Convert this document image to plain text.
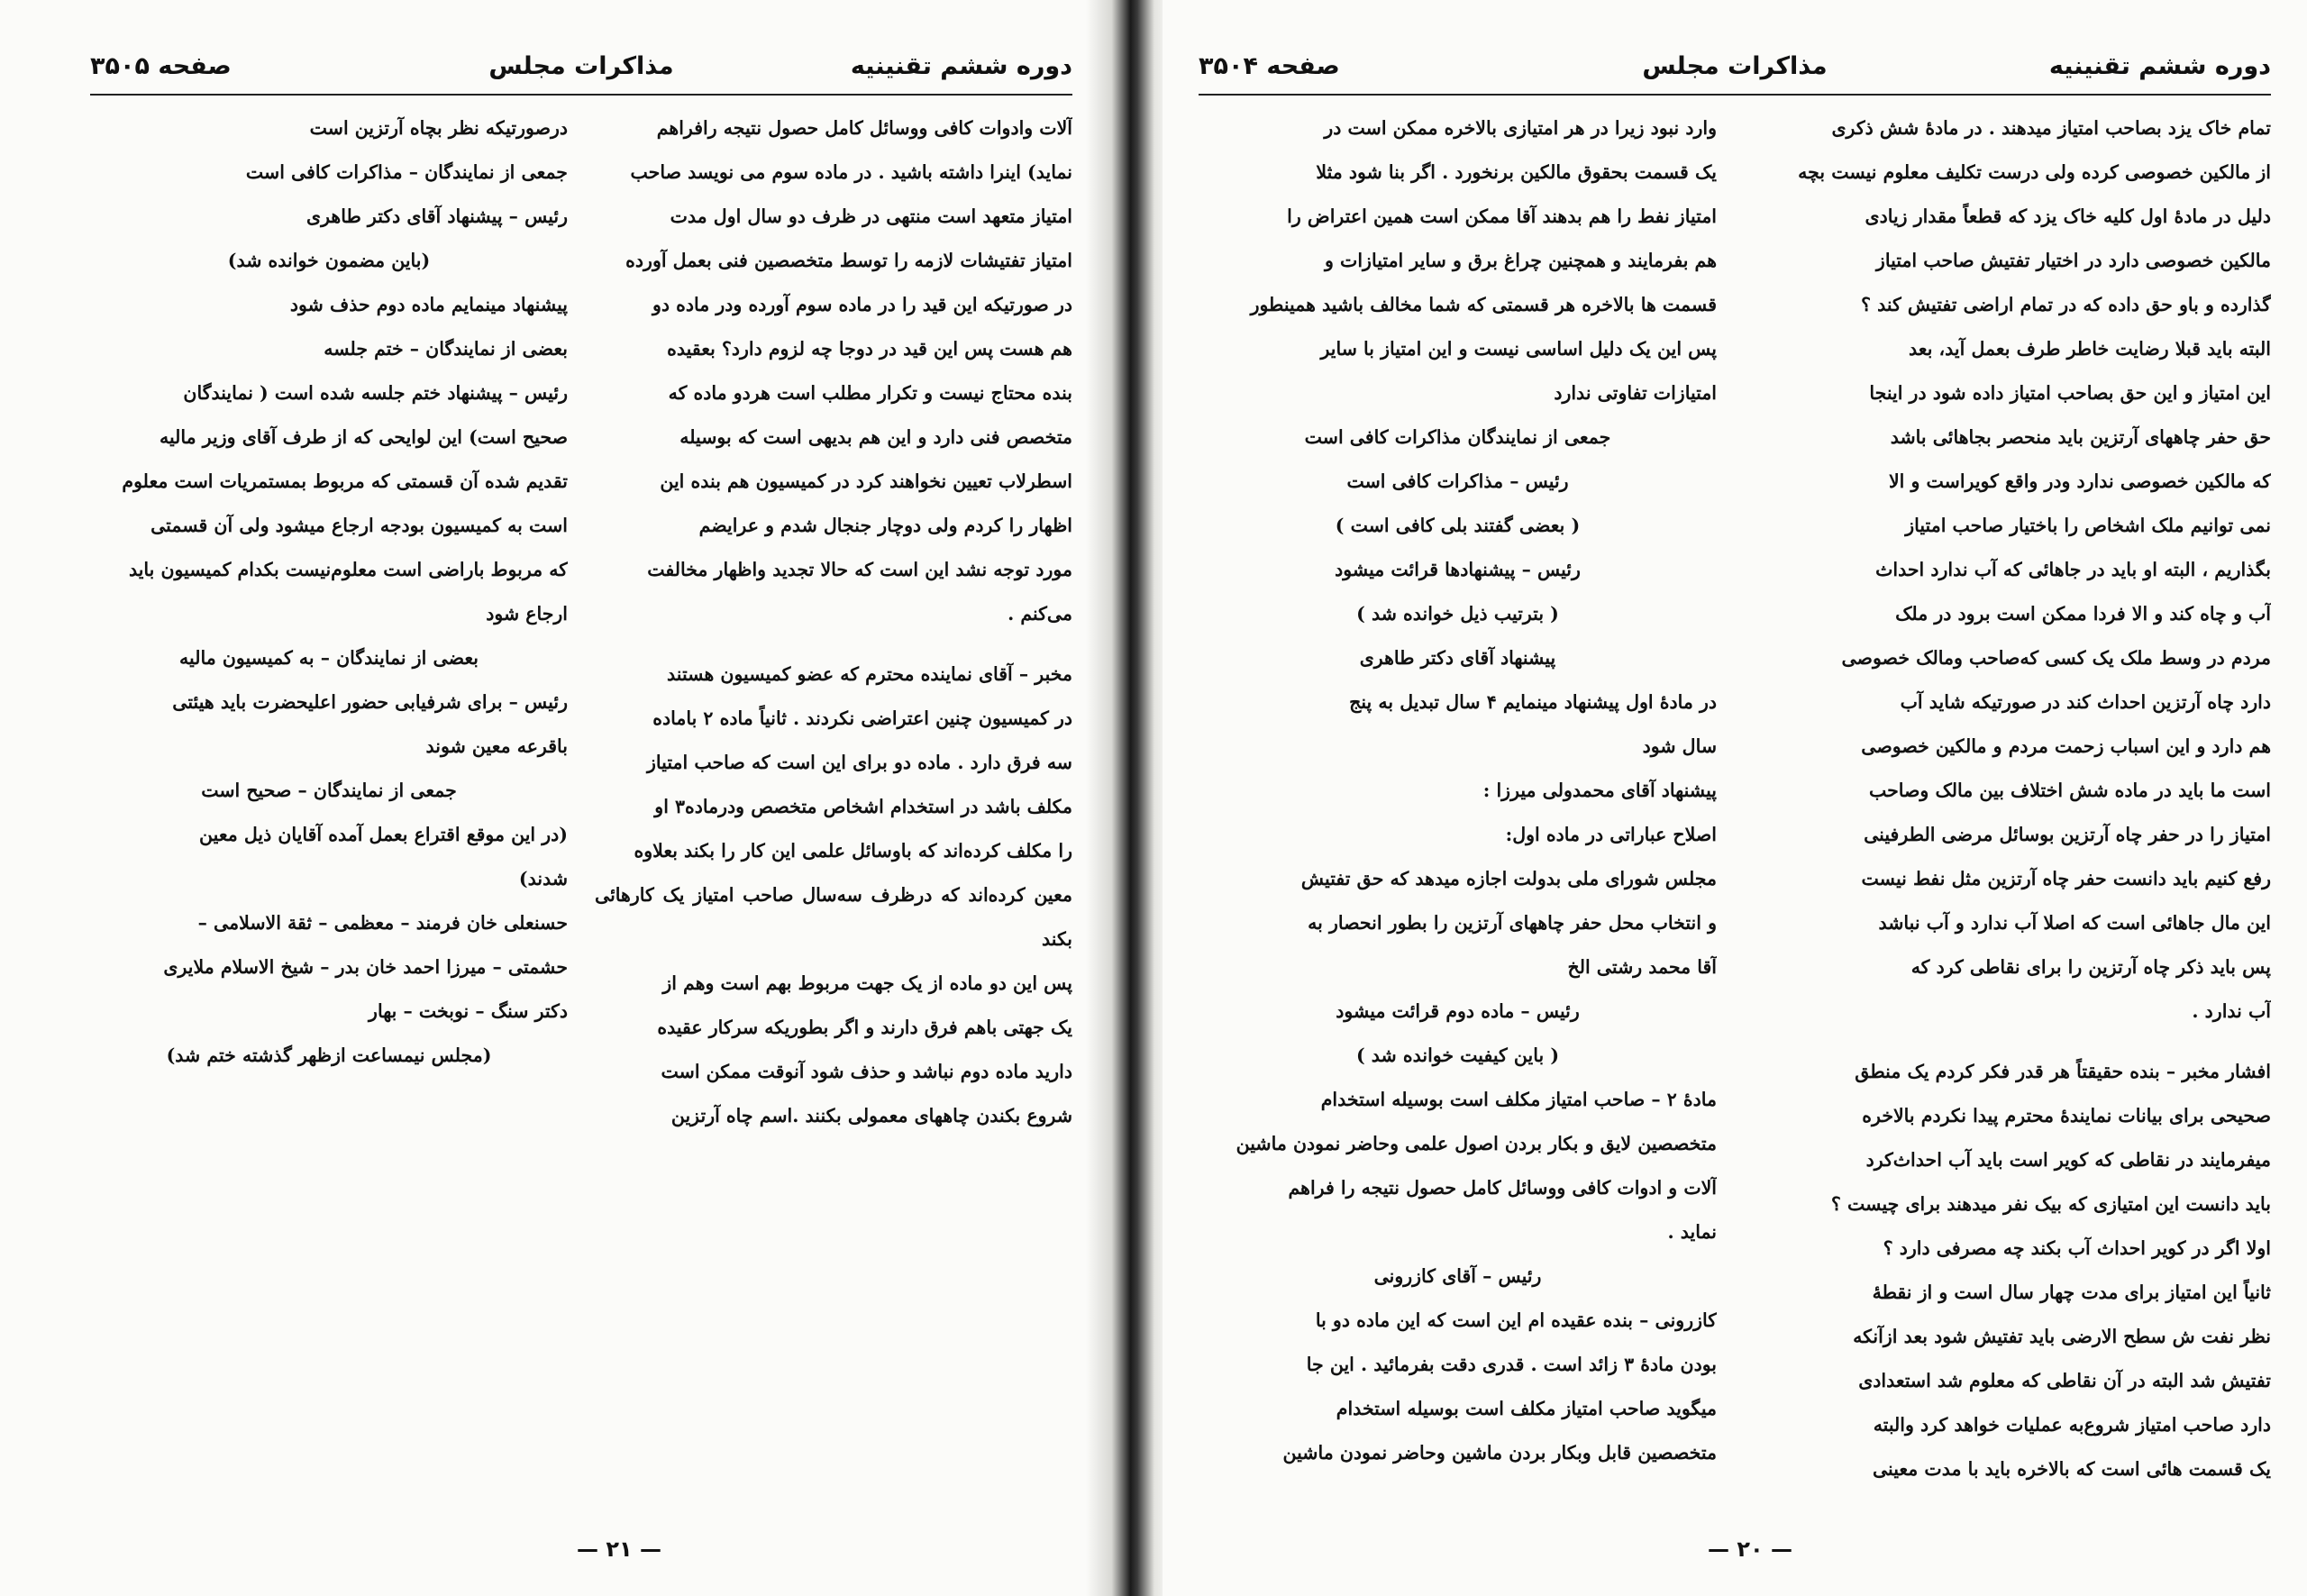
دوره ششم تقنینیه
مذاکرات مجلس
صفحه ۳۵۰۵

آلات وادوات کافی ووسائل کامل حصول نتیجه رافراهم

نماید) اینرا داشته باشید . در ماده سوم می نویسد صاحب

امتیاز متعهد است منتهی در ظرف دو سال اول مدت

امتیاز تفتیشات لازمه را توسط متخصصین فنی بعمل آورده

در صورتیکه این قید را در ماده سوم آورده ودر ماده دو

هم هست پس این قید در دوجا چه لزوم دارد؟ بعقیده

بنده محتاج نیست و تکرار مطلب است هردو ماده که

متخصص فنی دارد و این هم بدیهی است که بوسیله

اسطرلاب تعیین نخواهند کرد در کمیسیون هم بنده این

اظهار را کردم ولی دوچار جنجال شدم و عرایضم

مورد توجه نشد این است که حالا تجدید واظهار مخالفت

می‌کنم .

مخبر – آقای نماینده محترم که عضو کمیسیون هستند

در کمیسیون چنین اعتراضی نکردند . ثانیاً ماده ۲ باماده

سه فرق دارد . ماده دو برای این است که صاحب امتیاز

مکلف باشد در استخدام اشخاص متخصص ودرماده۳ او

را مکلف کرده‌اند که باوسائل علمی این کار را بکند بعلاوه

معین کرده‌اند که درظرف سه‌سال صاحب امتیاز یک کارهائی بکند

پس این دو ماده از یک جهت مربوط بهم است وهم از

یک جهتی باهم فرق دارند و اگر بطوریکه سرکار عقیده

دارید ماده دوم نباشد و حذف شود آنوقت ممکن است

شروع بکندن چاههای معمولی بکنند .اسم چاه آرتزین

درصورتیکه نظر بچاه آرتزین است

جمعی از نمایندگان – مذاکرات کافی است

رئیس – پیشنهاد آقای دکتر طاهری

(باین مضمون خوانده شد)

پیشنهاد مینمایم ماده دوم حذف شود

بعضی از نمایندگان – ختم جلسه

رئیس – پیشنهاد ختم جلسه شده است ( نمایندگان

صحیح است) این لوایحی که از طرف آقای وزیر مالیه

تقدیم شده آن قسمتی که مربوط بمستمریات است معلوم

است به کمیسیون بودجه ارجاع میشود ولی آن قسمتی

که مربوط باراضی است معلوم‌نیست بکدام کمیسیون باید

ارجاع شود

بعضی از نمایندگان – به کمیسیون مالیه

رئیس – برای شرفیابی حضور اعلیحضرت باید هیئتی

باقرعه معین شوند

جمعی از نمایندگان – صحیح است

(در این موقع اقتراع بعمل آمده آقایان ذیل معین

شدند)

حسنعلی خان فرمند – معظمی – ثقة الاسلامی –

حشمتی – میرزا احمد خان بدر – شیخ الاسلام ملایری

دکتر سنگ – نوبخت – بهار

(مجلس نیمساعت ازظهر گذشته ختم شد)

— ۲۱ —
دوره ششم تقنینیه
مذاکرات مجلس
صفحه ۳۵۰۴

تمام خاک یزد بصاحب امتیاز میدهند . در مادهٔ شش ذکری

از مالکین خصوصی کرده ولی درست تکلیف معلوم نیست بچه

دلیل در مادهٔ اول کلیه خاک یزد که قطعاً مقدار زیادی

مالکین خصوصی دارد در اختیار تفتیش صاحب امتیاز

گذارده و باو حق داده که در تمام اراضی تفتیش کند ؟

البته باید قبلا رضایت خاطر طرف بعمل آید، بعد

این امتیاز و این حق بصاحب امتیاز داده شود در اینجا

حق حفر چاههای آرتزین باید منحصر بجاهائی باشد

که مالکین خصوصی ندارد ودر واقع کویراست و الا

نمی توانیم ملک اشخاص را باختیار صاحب امتیاز

بگذاریم ، البته او باید در جاهائی که آب ندارد احداث

آب و چاه کند و الا فردا ممکن است برود در ملک

مردم در وسط ملک یک کسی که‌صاحب ومالک خصوصی

دارد چاه آرتزین احداث کند در صورتیکه شاید آب

هم دارد و این اسباب زحمت مردم و مالکین خصوصی

است ما باید در ماده شش اختلاف بین مالک وصاحب

امتیاز را در حفر چاه آرتزین بوسائل مرضی الطرفینی

رفع کنیم باید دانست حفر چاه آرتزین مثل نفط نیست

این مال جاهائی است که اصلا آب ندارد و آب نباشد

پس باید ذکر چاه آرتزین را برای نقاطی کرد که

آب ندارد .

افشار مخبر – بنده حقیقتاً هر قدر فکر کردم یک منطق

صحیحی برای بیانات نمایندهٔ محترم پیدا نکردم بالاخره

میفرمایند در نقاطی که کویر است باید آب احداث‌کرد

باید دانست این امتیازی که بیک نفر میدهند برای چیست ؟

اولا اگر در کویر احداث آب بکند چه مصرفی دارد ؟

ثانیاً این امتیاز برای مدت چهار سال است و از نقطهٔ

نظر نفت ش سطح الارضی باید تفتیش شود بعد ازآنکه

تفتیش شد البته در آن نقاطی که معلوم شد استعدادی

دارد صاحب امتیاز شروع‌به عملیات خواهد کرد والبته

یک قسمت هائی است که بالاخره باید با مدت معینی

وارد نبود زیرا در هر امتیازی بالاخره ممکن است در

یک قسمت بحقوق مالکین برنخورد . اگر بنا شود مثلا

امتیاز نفط را هم بدهند آقا ممکن است همین اعتراض را

هم بفرمایند و همچنین چراغ برق و سایر امتیازات و

قسمت ها بالاخره هر قسمتی که شما مخالف باشید همینطور

پس این یک دلیل اساسی نیست و این امتیاز با سایر

امتیازات تفاوتی ندارد

جمعی از نمایندگان مذاکرات کافی است

رئیس – مذاکرات کافی است

( بعضی گفتند بلی کافی است )

رئیس – پیشنهادها قرائت میشود

( بترتیب ذیل خوانده شد )

پیشنهاد آقای دکتر طاهری

در مادهٔ اول پیشنهاد مینمایم ۴ سال تبدیل به پنج

سال شود

پیشنهاد آقای محمدولی میرزا :

اصلاح عباراتی در ماده اول:

مجلس شورای ملی بدولت اجازه میدهد که حق تفتیش

و انتخاب محل حفر چاههای آرتزین را بطور انحصار به

آقا محمد رشتی الخ

رئیس – ماده دوم قرائت میشود

( باین کیفیت خوانده شد )

مادهٔ ۲ – صاحب امتیاز مکلف است بوسیله استخدام

متخصصین لایق و بکار بردن اصول علمی وحاضر نمودن ماشین

آلات و ادوات کافی ووسائل کامل حصول نتیجه را فراهم

نماید .

رئیس – آقای کازرونی

کازرونی – بنده عقیده ام این است که این ماده دو با

بودن مادهٔ ۳ زائد است . قدری دقت بفرمائید . این جا

میگوید صاحب امتیاز مکلف است بوسیله استخدام

متخصصین قابل وبکار بردن ماشین وحاضر نمودن ماشین

— ۲۰ —
